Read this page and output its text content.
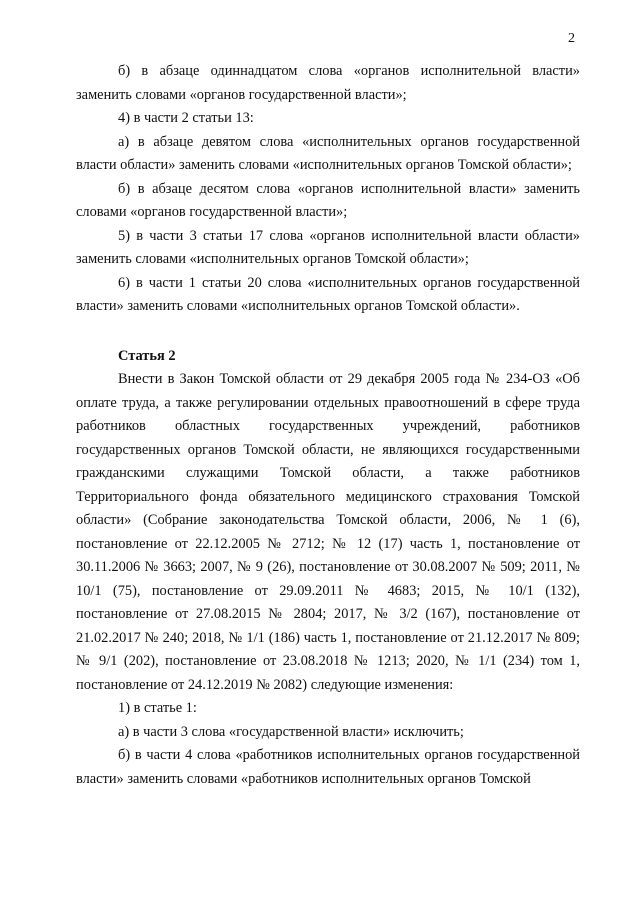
2

б) в абзаце одиннадцатом слова «органов исполнительной власти» заменить словами «органов государственной власти»;

4) в части 2 статьи 13:

а) в абзаце девятом слова «исполнительных органов государственной власти области» заменить словами «исполнительных органов Томской области»;

б) в абзаце десятом слова «органов исполнительной власти» заменить словами «органов государственной власти»;

5) в части 3 статьи 17 слова «органов исполнительной власти области» заменить словами «исполнительных органов Томской области»;

6) в части 1 статьи 20 слова «исполнительных органов государственной власти» заменить словами «исполнительных органов Томской области».

Статья 2

Внести в Закон Томской области от 29 декабря 2005 года № 234-ОЗ «Об оплате труда, а также регулировании отдельных правоотношений в сфере труда работников областных государственных учреждений, работников государственных органов Томской области, не являющихся государственными гражданскими служащими Томской области, а также работников Территориального фонда обязательного медицинского страхования Томской области» (Собрание законодательства Томской области, 2006, № 1 (6), постановление от 22.12.2005 № 2712; № 12 (17) часть 1, постановление от 30.11.2006 № 3663; 2007, № 9 (26), постановление от 30.08.2007 № 509; 2011, № 10/1 (75), постановление от 29.09.2011 № 4683; 2015, № 10/1 (132), постановление от 27.08.2015 № 2804; 2017, № 3/2 (167), постановление от 21.02.2017 № 240; 2018, № 1/1 (186) часть 1, постановление от 21.12.2017 № 809; № 9/1 (202), постановление от 23.08.2018 № 1213; 2020, № 1/1 (234) том 1, постановление от 24.12.2019 № 2082) следующие изменения:

1) в статье 1:

а) в части 3 слова «государственной власти» исключить;

б) в части 4 слова «работников исполнительных органов государственной власти» заменить словами «работников исполнительных органов Томской
